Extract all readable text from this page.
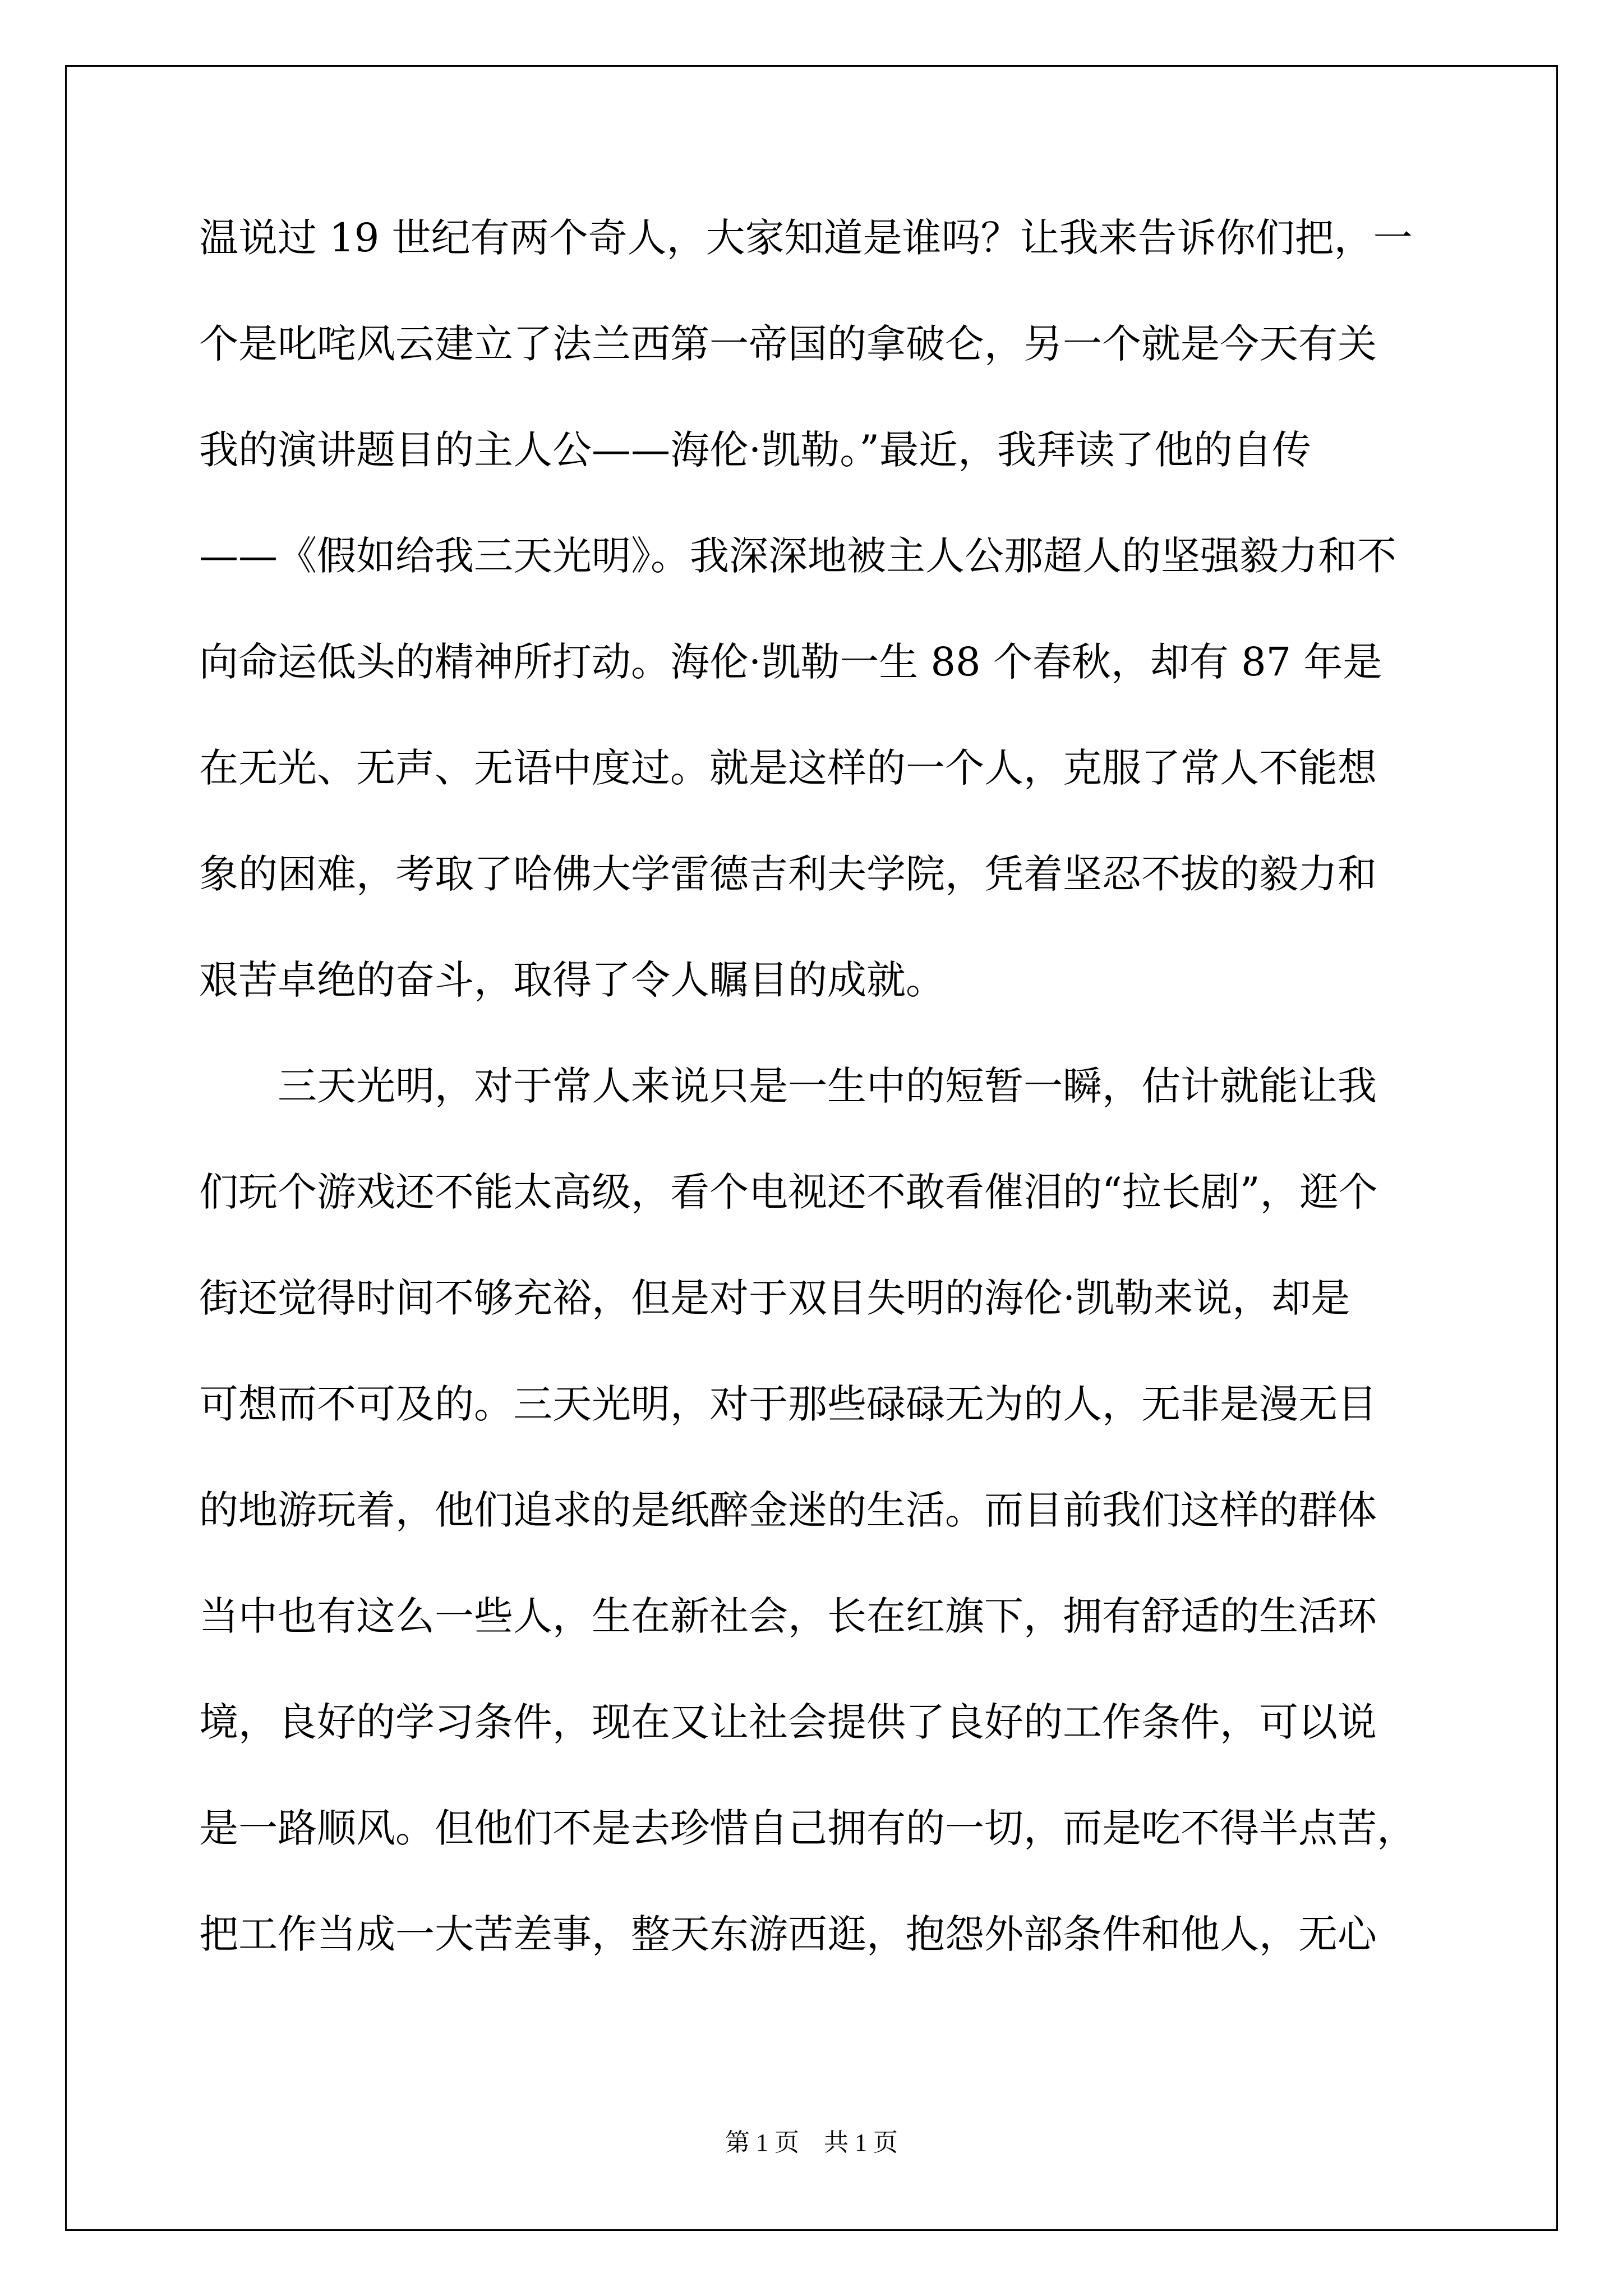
温说过 19 世纪有两个奇人，大家知道是谁吗？让我来告诉你们把，一
个是叱咤风云建立了法兰西第一帝国的拿破仑，另一个就是今天有关
我的演讲题目的主人公——海伦·凯勒。”最近，我拜读了他的自传
——《假如给我三天光明》。我深深地被主人公那超人的坚强毅力和不
向命运低头的精神所打动。海伦·凯勒一生 88 个春秋，却有 87 年是
在无光、无声、无语中度过。就是这样的一个人，克服了常人不能想
象的困难，考取了哈佛大学雷德吉利夫学院，凭着坚忍不拔的毅力和
艰苦卓绝的奋斗，取得了令人瞩目的成就。
三天光明，对于常人来说只是一生中的短暂一瞬，估计就能让我
们玩个游戏还不能太高级，看个电视还不敢看催泪的“拉长剧”，逛个
街还觉得时间不够充裕，但是对于双目失明的海伦·凯勒来说，却是
可想而不可及的。三天光明，对于那些碌碌无为的人，无非是漫无目
的地游玩着，他们追求的是纸醉金迷的生活。而目前我们这样的群体
当中也有这么一些人，生在新社会，长在红旗下，拥有舒适的生活环
境，良好的学习条件，现在又让社会提供了良好的工作条件，可以说
是一路顺风。但他们不是去珍惜自己拥有的一切，而是吃不得半点苦，
把工作当成一大苦差事，整天东游西逛，抱怨外部条件和他人，无心
第 1 页　共 1 页
